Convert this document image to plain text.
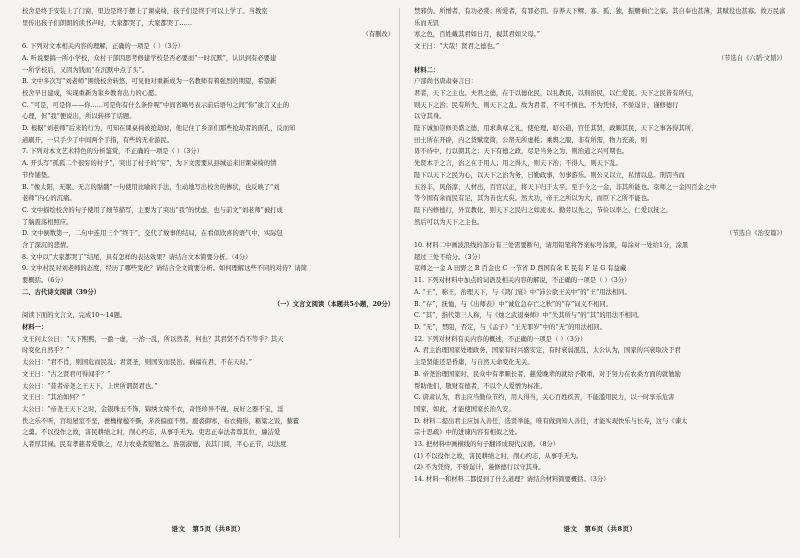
校舍是终于安装上了门窗，里边是终于摆上了课桌椅，孩子们是终于可以上学了。当教室

里传出孩子们朗朗的读书声时，大家都哭了，大家都哭了……

（有删改）

6. 下列对文本相关内容的理解，正确的一项是（ ）（3分）

A. 听说要搞一所小学校，众村干部因思考修建学校是否必要而“一时沉默”，认识到有必要建

一所学校后，又因为钱而“在沉默中点了头”。

B. 文中多次写“刘老师”围绕校舍转悠，可见他对重新成为一名教师有着强烈的期望，希望新

校舍早日建成，实现重新为家乡教育出力的心愿。

C. “可是，可是你——你……可是你有什么条件呢”中间省略号表示前后语句之间“你”欲言又止的

心理，但“我”便说出，所以转移了话题。

D. 根据“刘老师”后来的行为，可知在课桌椅被抢劫时，他记住了乡亲们那些抢劫者的面孔，反而知

道刷开，一只手少了中间两个手指，有些的无业游民。

7. 下列对本文艺术特色的分析鉴赏，不正确的一项是（ ）（3分）

A. 开头写“孤孤二个很穷的村子”，突出了村子的“穷”，为下文需要从县城运来旧课桌椅的情

节作铺垫。

B. “像太阳，无眠、无言的骷髅”一句使用比喻的手法，生动地写出校舍的惨状，也反映了“刘

老师”内心的沉痛。

C. 文中描绘校舍的句子使用了细节描写，主要为了突出“我”的忧虑，也与前文“刘老师”被打成

了脑震荡相照应。

D. 文中倒数第一，二句中连用三个“终于”，交代了故事的结局，在看似欣喜的语气中，实际包

含了深沉的悲情。

8. 文中以“大家都哭了”结尾，具有怎样的表达效果？请结合文本简要分析。（4分）

9. 文中村民对刘老师的态度，经历了哪些变化？请结合全文简要分析。如何理解这些不同的对待？请简

要概括。（6分）

二、古代诗文阅读（39分）

（一）文言文阅读（本题共5小题，20分）

阅读下面的文言文，完成10～14题。

材料一：

文王问太公曰：“天下熙熙，一盈一虚，一治一乱，所以然者，何也？其君贤不肖不等乎？其天

时变化自然乎？”

太公曰：“君不肖，则国危而民乱；君贤圣，则国安而民治。祸福在君，不在天时。”

文王曰：“古之贤君可得闻乎？”

太公曰：“昔者帝尧之王天下，上世所谓贤君也。”

文王曰：“其治如何？”

太公曰：“帝尧王天下之时，金银珠玉不饰，锦绣文绮不衣，奇怪珍异不视，玩好之器不宝，淫

佚之乐不听，宫垣屋室不垩，甍桷椽楹不斲，茅茨偏庭不剪。鹿裘御寒，布衣掩形，粝粱之饭，藜藿

之羹。不以役作之故，害民耕绩之时，削心约志，从事乎无为。吏忠正奉法者尊其位，廉洁爱

人者厚其禄。民有孝慈者爱敬之，尽力农桑者慰勉之。旌别淑德，表其门闾，平心正节，以法度

语文　第5页（共8页）

禁邪伪。所憎者，有功必赏；所爱者，有罪必罚。存养天下鳏、寡、孤、独，振赡祸亡之家。其自奉也甚薄，其赋役也甚寡。故万民富乐而无饥

寒之色，百姓戴其君如日月，视其君如父母。”

文王曰：“大哉！贤君之德也。”

（节选自《六韬·文韬》）

材料二：

户部尚书唐肃奏言曰：

君者，天下之主也。夫君之德，在于以德化民，以礼教民，以刑治民，以仁爱民。天下之民皆有所归，

则天下之治；民有所失，则天下之乱。故为君者，不可不慎也。不为凭恃，不骄逞计，谨修德行

以守其身。

陛下诚加崇修美盛之德，用求典章之礼，使伦理，昭公道，官任其贤，政顺其民，天下之事各得其所，

田土所在开辟，内之货赋宽简，公帑无所虚耗；乘舆之服，非有所需，物力充羡，则

毋不待中，行以朝其之；天下有德之政，尽是当务之为，则治道之兴可期也。

先贤本于之言，治之在于用人；用之得人，则天下治；不得人，则天下乱。

陛下以天下之民为心，以天下之治为务，日勤政事，勿事游乐。则公义以立，私情以息。刑罚当而

五谷丰，风俗淳，人材出，百官以正，将天下归于太平。至于今之一金，非其所能也。京师之一金四百金之中

等今国有余而民有足，其为善也大矣。然大功，帝王之所以为大，而臣下之所不能也。

陛下内修德行，外宣教化，则天下之民归之如流水。勤劳以先之，节俭以率之，仁爱以抚之，

然后可以为天下之主也。

（节选自《治安篇》）

10. 材料二中画波浪线的部分有三处需要断句，请用铅笔将答案标号涂黑，每涂对一处给1分，涂黑

超过三处不给分。（3分）

京师之一金 A 田野之 B 百金也 C 一节省 D 西国有余 E 民有 F 足 G 有益藏

11. 下列对材料中加点的词语及相关内容的解说，不正确的一项是（ ）（3分）

A. “王”，称王，治理天下，与《鸿门宴》中“沛公欲王关中”的“王”用法相同。

B. “存”，抚恤，与《出师表》中“诚危急存亡之秋”的“存”词义不相同。

C. “其”，指代第三人称，与《烛之武退秦师》中“失其所与”的“其”的用法不相同。

D. “无”，禁阻，否定，与《孟子》“王无罪岁”中的“无”的用法相同。

12. 下列对材料有关内容的概述，不正确的一项是（ ）（3分）

A. 君主治理国家处理政务，国家有时兴盛安定，有时衰弱混乱，太公认为，国家的兴衰取决于君

主是贤能还是昏庸，与自然天命变化无关。

B. 帝尧治理国家时，民众中有孝顺长者，慈爱晚辈的就给予敬重，对于努力在农桑方面的就勉励

帮助他们，敬财有德者，不以个人爱憎为标准。

C. 唐肃认为，君主应当勤俭节约，用人得当，关心百姓疾苦，不能滥用民力，以一时享乐危害

国家，如此，才能使国家长治久安。

D. 材料二提出君主应加入善任，选贤举能，唯有做到知人善任，才能实现快乐与长寿，这与《谏太

宗十思疏》中的进谏内容有相似之处。

13. 把材料中画横线的句子翻译成现代汉语。（8分）

(1) 不以役作之故，害民耕绩之时，削心约志，从事乎无为。

(2) 不为凭恃，不骄逞计，谨修德行以守其身。

14. 材料一和材料二都提到了什么道理？请结合材料简要概括。（3分）

语文　第6页（共8页）
